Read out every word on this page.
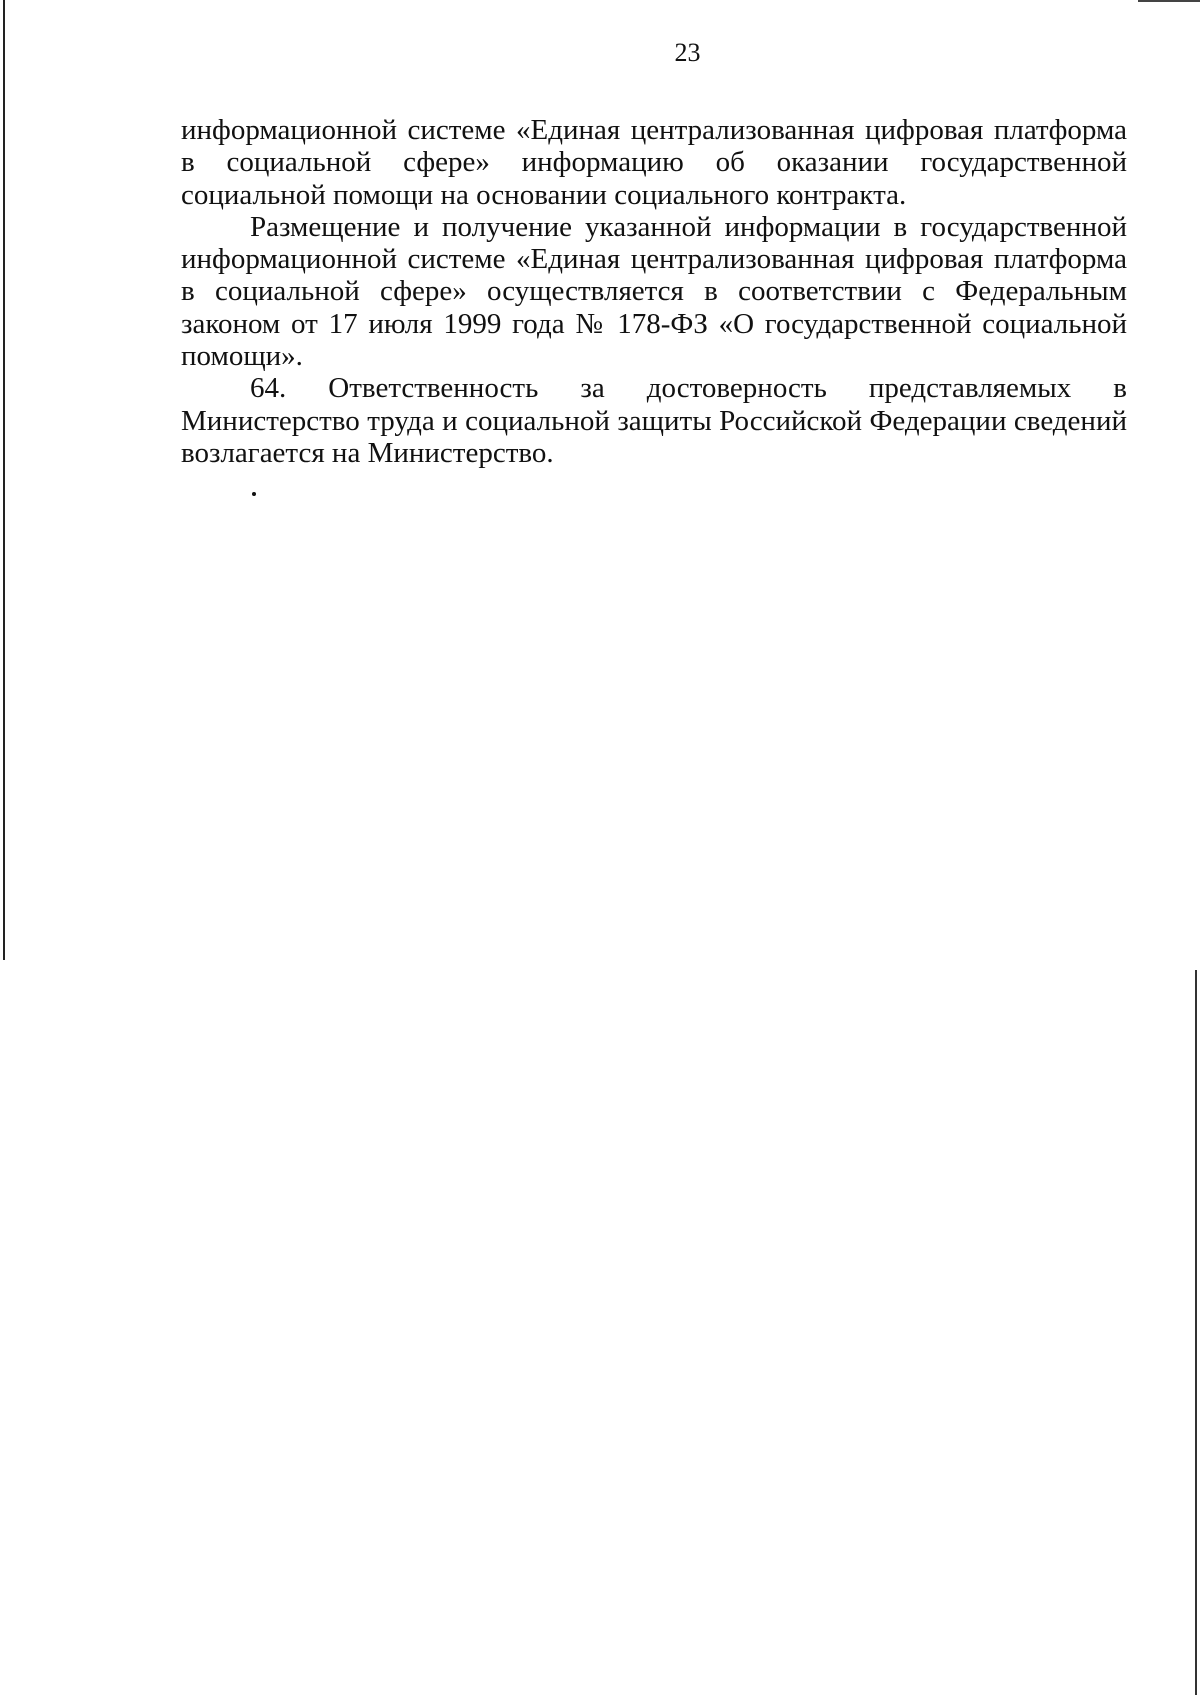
23

информационной системе «Единая централизованная цифровая платформа в социальной сфере» информацию об оказании государственной социальной помощи на основании социального контракта.

Размещение и получение указанной информации в государственной информационной системе «Единая централизованная цифровая платформа в социальной сфере» осуществляется в соответствии с Федеральным законом от 17 июля 1999 года № 178-ФЗ «О государственной социальной помощи».

64. Ответственность за достоверность представляемых в Министерство труда и социальной защиты Российской Федерации сведений возлагается на Министерство.
